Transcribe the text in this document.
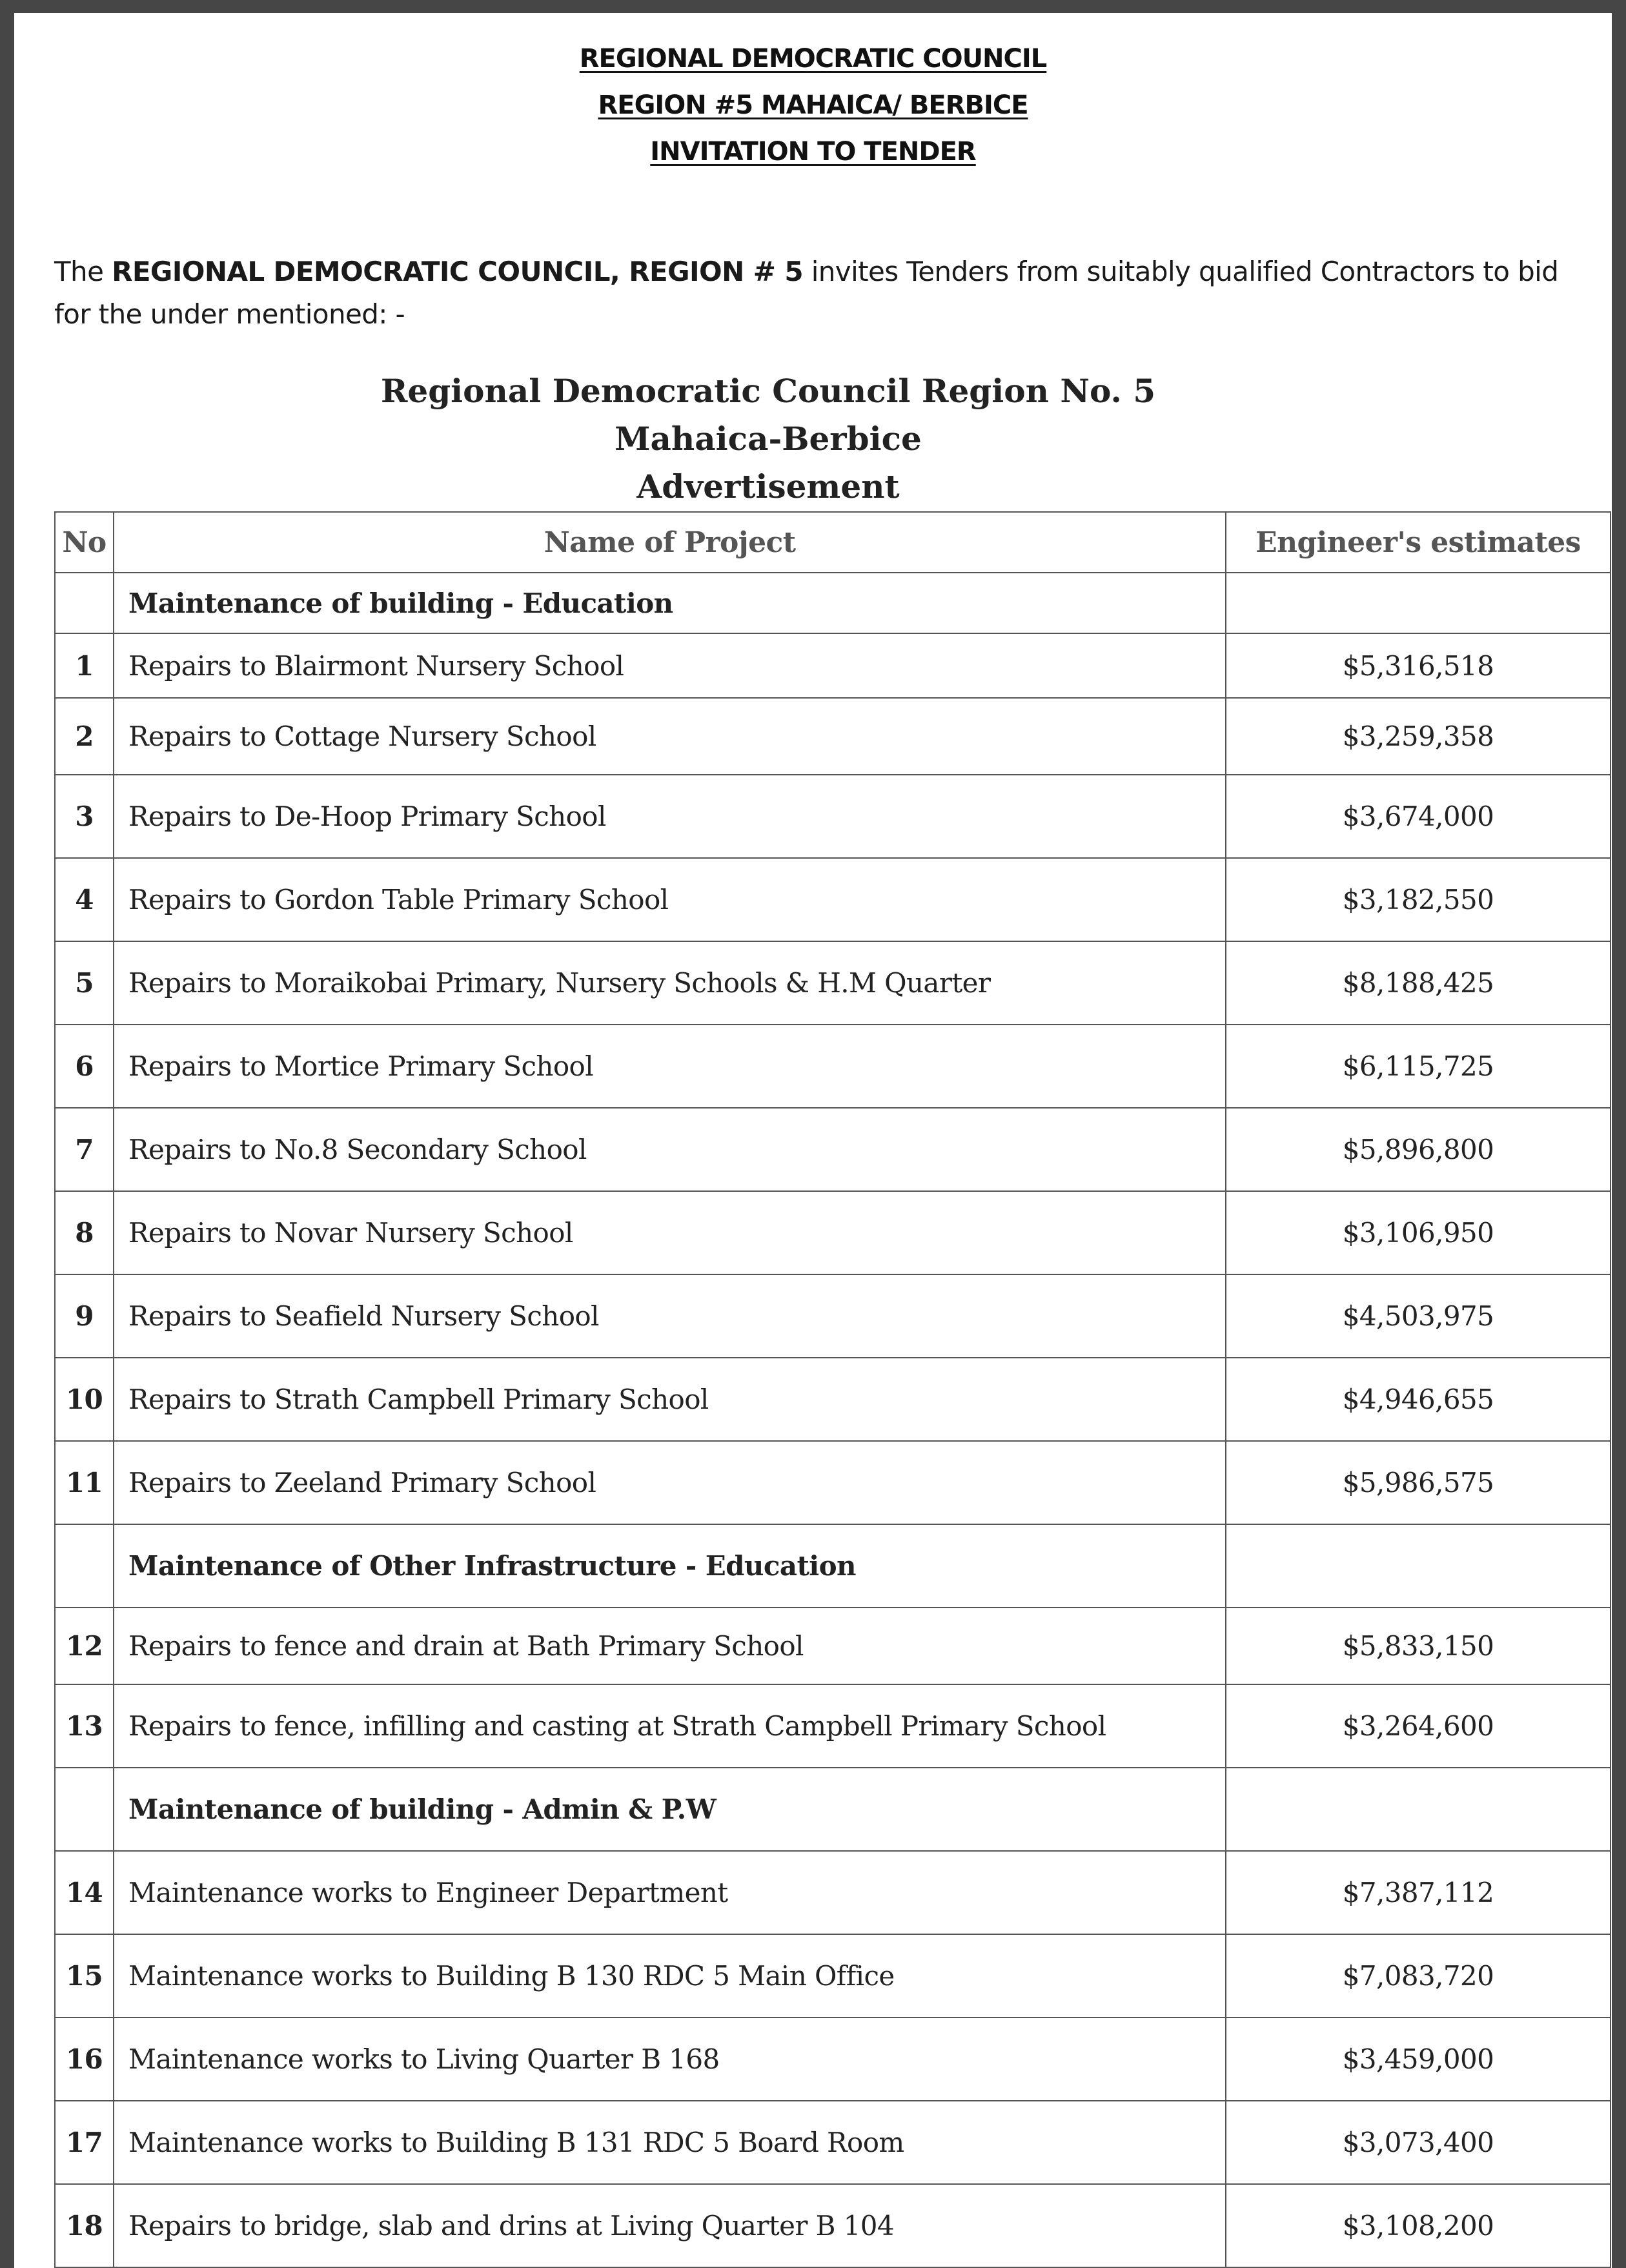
REGIONAL DEMOCRATIC COUNCIL
REGION #5 MAHAICA/ BERBICE
INVITATION TO TENDER
The REGIONAL DEMOCRATIC COUNCIL, REGION # 5 invites Tenders from suitably qualified Contractors to bid for the under mentioned: -
Regional Democratic Council Region No. 5
Mahaica-Berbice
Advertisement
No	Name of Project	Engineer's estimates
	Maintenance of building - Education	
1	Repairs to Blairmont Nursery School	$5,316,518
2	Repairs to Cottage Nursery School	$3,259,358
3	Repairs to De-Hoop Primary School	$3,674,000
4	Repairs to Gordon Table Primary School	$3,182,550
5	Repairs to Moraikobai Primary, Nursery Schools & H.M Quarter	$8,188,425
6	Repairs to Mortice Primary School	$6,115,725
7	Repairs to No.8 Secondary School	$5,896,800
8	Repairs to Novar Nursery School	$3,106,950
9	Repairs to Seafield Nursery School	$4,503,975
10	Repairs to Strath Campbell Primary School	$4,946,655
11	Repairs to Zeeland Primary School	$5,986,575
	Maintenance of Other Infrastructure - Education	
12	Repairs to fence and drain at Bath Primary School	$5,833,150
13	Repairs to fence, infilling and casting at Strath Campbell Primary School	$3,264,600
	Maintenance of building - Admin & P.W	
14	Maintenance works to Engineer Department	$7,387,112
15	Maintenance works to Building B 130 RDC 5 Main Office	$7,083,720
16	Maintenance works to Living Quarter B 168	$3,459,000
17	Maintenance works to Building B 131 RDC 5 Board Room	$3,073,400
18	Repairs to bridge, slab and drins at Living Quarter B 104	$3,108,200
